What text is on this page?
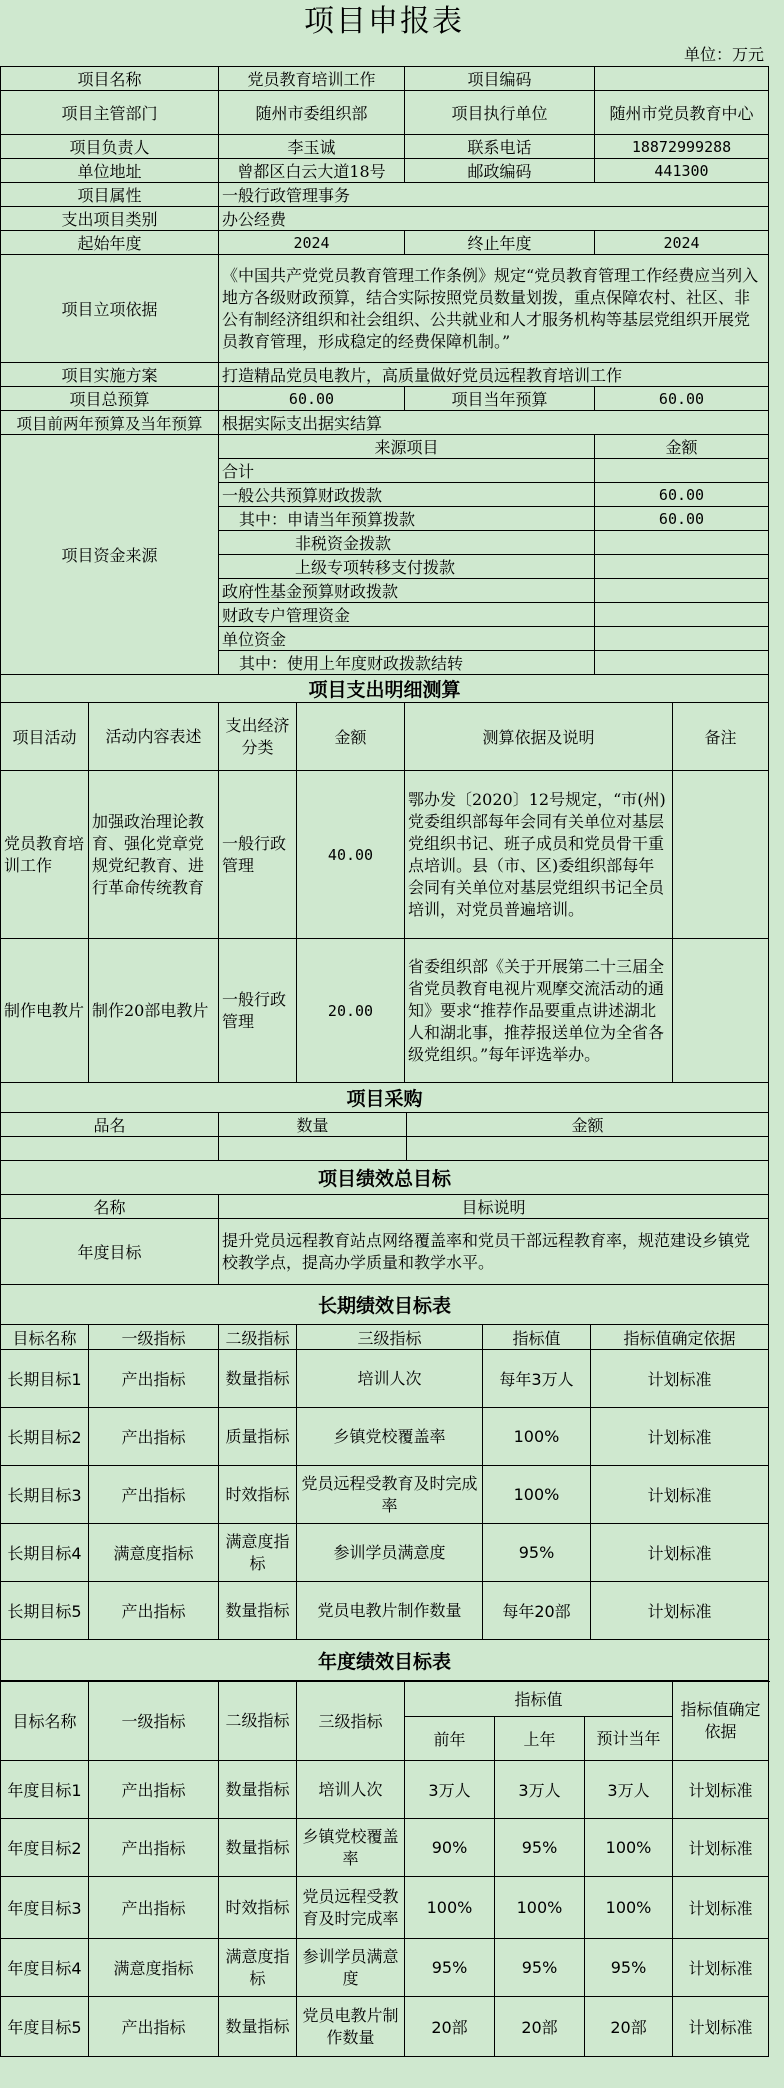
项目申报表
单位：万元
项目名称	党员教育培训工作	项目编码	
项目主管部门	随州市委组织部	项目执行单位	随州市党员教育中心
项目负责人	李玉诚	联系电话	18872999288
单位地址	曾都区白云大道18号	邮政编码	441300
项目属性	一般行政管理事务		
支出项目类别	办公经费		
起始年度	2024	终止年度	2024
项目立项依据	《中国共产党党员教育管理工作条例》规定“党员教育管理工作经费应当列入地方各级财政预算，结合实际按照党员数量划拨，重点保障农村、社区、非公有制经济组织和社会组织、公共就业和人才服务机构等基层党组织开展党员教育管理，形成稳定的经费保障机制。”		
项目实施方案	打造精品党员电教片，高质量做好党员远程教育培训工作		
项目总预算	60.00	项目当年预算	60.00
项目前两年预算及当年预算	根据实际支出据实结算		
项目资金来源	来源项目	金额
	合计	
	一般公共预算财政拨款	60.00
	其中：申请当年预算拨款	60.00
	非税资金拨款	
	上级专项转移支付拨款	
	政府性基金预算财政拨款	
	财政专户管理资金	
	单位资金	
	其中：使用上年度财政拨款结转	
项目支出明细测算					
项目活动	活动内容表述	支出经济分类	金额	测算依据及说明	备注
党员教育培训工作	加强政治理论教育、强化党章党规党纪教育、进行革命传统教育	一般行政管理	40.00	鄂办发〔2020〕12号规定，“市(州)党委组织部每年会同有关单位对基层党组织书记、班子成员和党员骨干重点培训。县（市、区)委组织部每年会同有关单位对基层党组织书记全员培训，对党员普遍培训。	
制作电教片	制作20部电教片	一般行政管理	20.00	省委组织部《关于开展第二十三届全省党员教育电视片观摩交流活动的通知》要求“推荐作品要重点讲述湖北人和湖北事，推荐报送单位为全省各级党组织。”每年评选举办。	
项目采购		
品名	数量	金额

项目绩效总目标	
名称	目标说明
年度目标	提升党员远程教育站点网络覆盖率和党员干部远程教育率，规范建设乡镇党校教学点，提高办学质量和教学水平。
长期绩效目标表					
目标名称	一级指标	二级指标	三级指标	指标值	指标值确定依据
长期目标1	产出指标	数量指标	培训人次	每年3万人	计划标准
长期目标2	产出指标	质量指标	乡镇党校覆盖率	100%	计划标准
长期目标3	产出指标	时效指标	党员远程受教育及时完成率	100%	计划标准
长期目标4	满意度指标	满意度指标	参训学员满意度	95%	计划标准
长期目标5	产出指标	数量指标	党员电教片制作数量	每年20部	计划标准
年度绩效目标表
目标名称	一级指标	二级指标	三级指标	指标值			指标值确定依据
				前年	上年	预计当年	
年度目标1	产出指标	数量指标	培训人次	3万人	3万人	3万人	计划标准
年度目标2	产出指标	数量指标	乡镇党校覆盖率	90%	95%	100%	计划标准
年度目标3	产出指标	时效指标	党员远程受教育及时完成率	100%	100%	100%	计划标准
年度目标4	满意度指标	满意度指标	参训学员满意度	95%	95%	95%	计划标准
年度目标5	产出指标	数量指标	党员电教片制作数量	20部	20部	20部	计划标准
